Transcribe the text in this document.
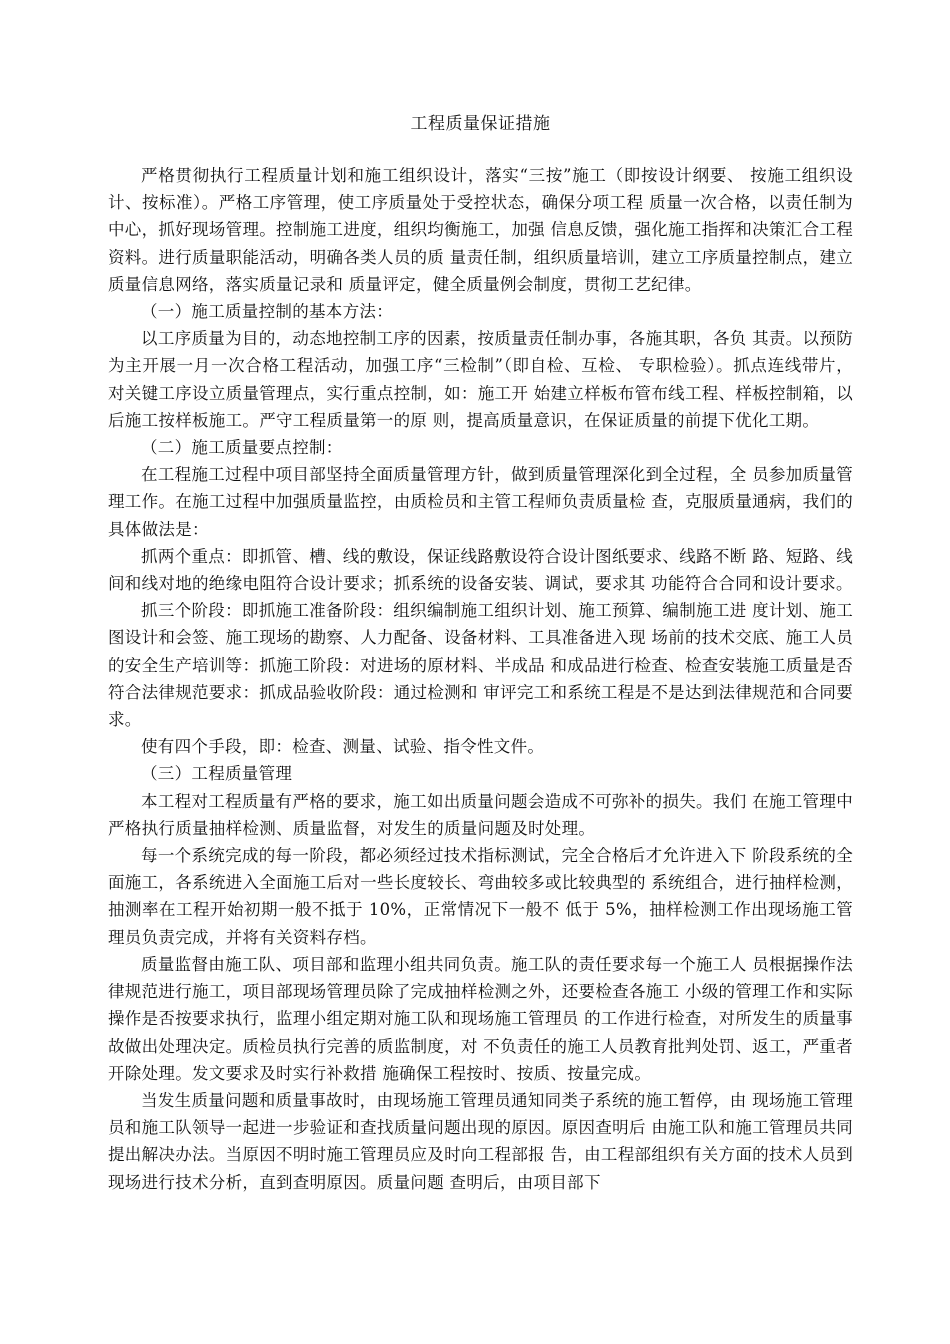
工程质量保证措施

严格贯彻执行工程质量计划和施工组织设计，落实“三按”施工（即按设计纲要、 按施工组织设计、按标准）。严格工序管理，使工序质量处于受控状态，确保分项工程 质量一次合格，以责任制为中心，抓好现场管理。控制施工进度，组织均衡施工，加强 信息反馈，强化施工指挥和决策汇合工程资料。进行质量职能活动，明确各类人员的质 量责任制，组织质量培训，建立工序质量控制点，建立质量信息网络，落实质量记录和 质量评定，健全质量例会制度，贯彻工艺纪律。

（一）施工质量控制的基本方法：

以工序质量为目的，动态地控制工序的因素，按质量责任制办事，各施其职，各负 其责。以预防为主开展一月一次合格工程活动，加强工序“三检制”（即自检、互检、 专职检验）。抓点连线带片，对关键工序设立质量管理点，实行重点控制，如：施工开 始建立样板布管布线工程、样板控制箱，以后施工按样板施工。严守工程质量第一的原 则，提高质量意识，在保证质量的前提下优化工期。

（二）施工质量要点控制：

在工程施工过程中项目部坚持全面质量管理方针，做到质量管理深化到全过程，全 员参加质量管理工作。在施工过程中加强质量监控，由质检员和主管工程师负责质量检 查，克服质量通病，我们的具体做法是：

抓两个重点：即抓管、槽、线的敷设，保证线路敷设符合设计图纸要求、线路不断 路、短路、线间和线对地的绝缘电阻符合设计要求；抓系统的设备安装、调试，要求其 功能符合合同和设计要求。

抓三个阶段：即抓施工准备阶段：组织编制施工组织计划、施工预算、编制施工进 度计划、施工图设计和会签、施工现场的勘察、人力配备、设备材料、工具准备进入现 场前的技术交底、施工人员的安全生产培训等：抓施工阶段：对进场的原材料、半成品 和成品进行检查、检查安装施工质量是否符合法律规范要求：抓成品验收阶段：通过检测和 审评完工和系统工程是不是达到法律规范和合同要求。

使有四个手段，即：检查、测量、试验、指令性文件。

（三）工程质量管理

本工程对工程质量有严格的要求，施工如出质量问题会造成不可弥补的损失。我们 在施工管理中严格执行质量抽样检测、质量监督，对发生的质量问题及时处理。

每一个系统完成的每一阶段，都必须经过技术指标测试，完全合格后才允许进入下 阶段系统的全面施工，各系统进入全面施工后对一些长度较长、弯曲较多或比较典型的 系统组合，进行抽样检测，抽测率在工程开始初期一般不抵于 10%，正常情况下一般不 低于 5%，抽样检测工作出现场施工管理员负责完成，并将有关资料存档。

质量监督由施工队、项目部和监理小组共同负责。施工队的责任要求每一个施工人 员根据操作法律规范进行施工，项目部现场管理员除了完成抽样检测之外，还要检查各施工 小级的管理工作和实际操作是否按要求执行，监理小组定期对施工队和现场施工管理员 的工作进行检查，对所发生的质量事故做出处理决定。质检员执行完善的质监制度，对 不负责任的施工人员教育批判处罚、返工，严重者开除处理。发文要求及时实行补救措 施确保工程按时、按质、按量完成。

当发生质量问题和质量事故时，由现场施工管理员通知同类子系统的施工暂停，由 现场施工管理员和施工队领导一起进一步验证和查找质量问题出现的原因。原因查明后 由施工队和施工管理员共同提出解决办法。当原因不明时施工管理员应及时向工程部报 告，由工程部组织有关方面的技术人员到现场进行技术分析，直到查明原因。质量问题 查明后，由项目部下
